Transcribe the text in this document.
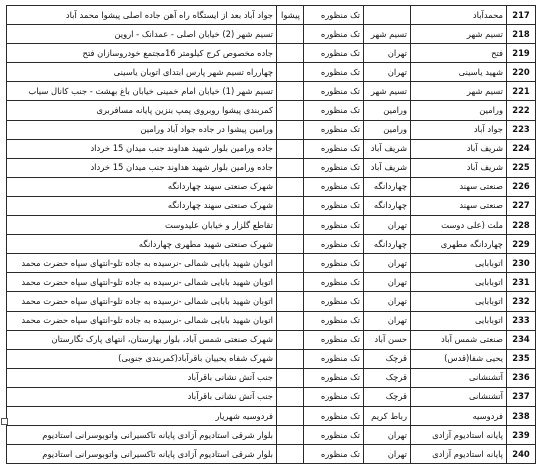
217	محمدآباد		تک منظوره	پیشوا	جواد آباد بعد از ایستگاه راه آهن جاده اصلی پیشوا محمد آباد
218	تسیم شهر	تسیم شهر	تک منظوره		تسیم شهر (2) خیابان اصلی - عمدانک - اروین
219	فتح	تهران	تک منظوره		جاده مخصوص کرج کیلومتر 16مجتمع خودروسازان فتح
220	شهید یاسینی	تهران	تک منظوره		چهارراه تسیم شهر پارس ابتدای اتوبان یاسینی
221	تسیم شهر	تسیم شهر	تک منظوره		تسیم شهر (1) خیابان امام خمینی خیابان باغ بهشت - جنب کانال سیاب
222	ورامین	ورامین	تک منظوره		کمربندی پیشوا روبروی پمپ بنزین پایانه مسافربری
223	جواد آباد	ورامین	تک منظوره		ورامین پیشوا در جاده جواد آباد ورامین
224	شریف آباد	شریف آباد	تک منظوره		جاده ورامین بلوار شهید هداوند جنب میدان 15 خرداد
225	شریف آباد	شریف آباد	تک منظوره		جاده ورامین بلوار شهید هداوند جنب میدان 15 خرداد
226	صنعتی سهند	چهاردانگه	تک منظوره		شهرک صنعتی سهند چهاردانگه
227	صنعتی سهند	چهاردانگه	تک منظوره		شهرک صنعتی سهند چهاردانگه
228	ملت (علی دوست	تهران	تک منظوره		تقاطع گلزار و خیابان علیدوست
229	چهاردانگه مطهری	چهاردانگه	تک منظوره		شهرک صنعتی شهید مطهری چهاردانگه
230	اتوبابایی	تهران	تک منظوره		اتوبان شهید بابایی شمالی -نرسیده به جاده تلو-انتهای سپاه حضرت محمد
231	اتوبابایی	تهران	تک منظوره		اتوبان شهید بابایی شمالی -نرسیده به جاده تلو-انتهای سپاه حضرت محمد
232	اتوبابایی	تهران	تک منظوره		اتوبان شهید بابایی شمالی -نرسیده به جاده تلو-انتهای سپاه حضرت محمد
233	اتوبابایی	تهران	تک منظوره		اتوبان شهید بابایی شمالی -نرسیده به جاده تلو-انتهای سپاه حضرت محمد
234	صنعتی شمس آباد	حسن آباد	تک منظوره		شهرک صنعتی شمس آباد، بلوار بهارستان، انتهای پارک تگارستان
235	یحیی شفا(قدس)	قرچک	تک منظوره		شهرک شفاه یحییان باقرآباد(کمربندی جنوبی)
236	آتشنشانی	قرچک	تک منظوره		جنب آتش نشانی باقرآباد
237	آتشنشانی	قرچک	تک منظوره		جنب آتش نشانی باقرآباد
238	فردوسیه	رباط کریم	تک منظوره		فردوسیه شهریار
239	پایانه استادیوم آزادی	تهران	تک منظوره		بلوار شرقی استادیوم آزادی پایانه تاکسیرانی واتوبوسرانی استادیوم
240	پایانه استادیوم آزادی	تهران	تک منظوره		بلوار شرقی استادیوم آزادی پایانه تاکسیرانی واتوبوسرانی استادیوم
